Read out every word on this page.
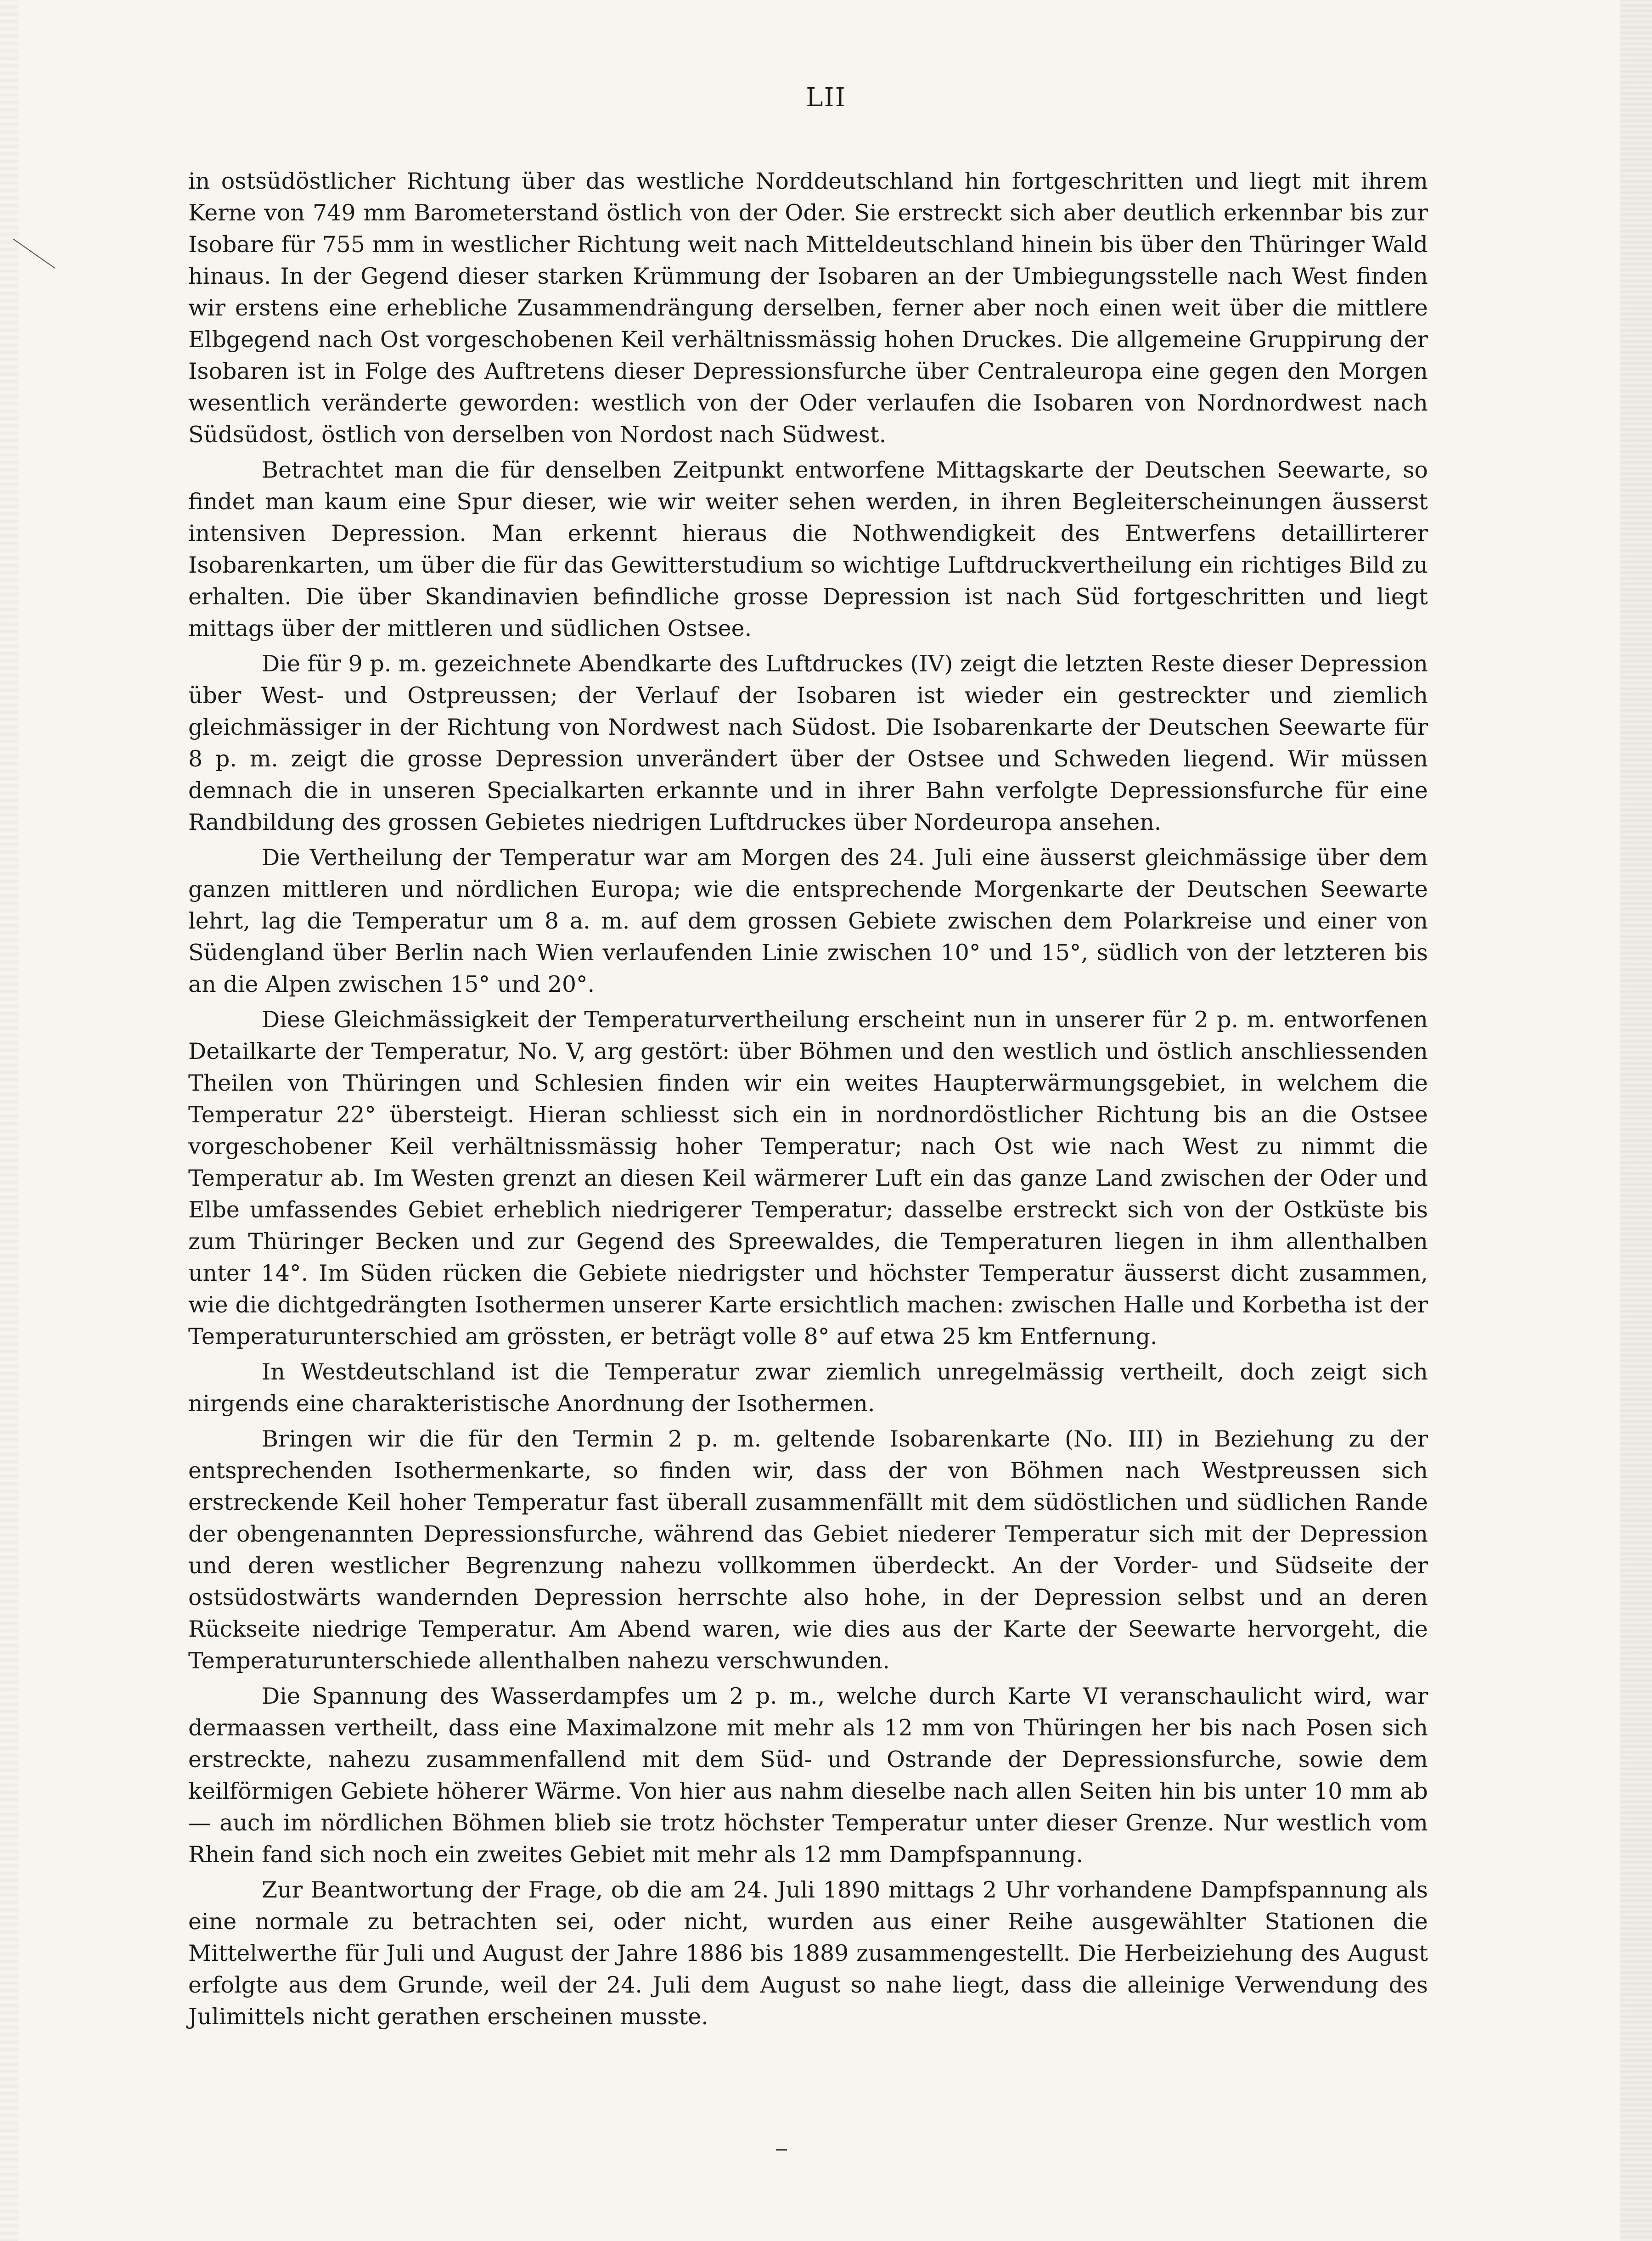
LII

in ostsüdöstlicher Richtung über das westliche Norddeutschland hin fortgeschritten und liegt mit ihrem Kerne von 749 mm Barometerstand östlich von der Oder. Sie erstreckt sich aber deutlich erkennbar bis zur Isobare für 755 mm in westlicher Richtung weit nach Mitteldeutschland hinein bis über den Thüringer Wald hinaus. In der Gegend dieser starken Krümmung der Isobaren an der Umbiegungsstelle nach West finden wir erstens eine erhebliche Zusammendrängung derselben, ferner aber noch einen weit über die mittlere Elbgegend nach Ost vorgeschobenen Keil verhältnissmässig hohen Druckes. Die allgemeine Gruppirung der Isobaren ist in Folge des Auftretens dieser Depressionsfurche über Centraleuropa eine gegen den Morgen wesentlich veränderte geworden: westlich von der Oder verlaufen die Isobaren von Nordnordwest nach Südsüdost, östlich von derselben von Nordost nach Südwest.

Betrachtet man die für denselben Zeitpunkt entworfene Mittagskarte der Deutschen Seewarte, so findet man kaum eine Spur dieser, wie wir weiter sehen werden, in ihren Begleiterscheinungen äusserst intensiven Depression. Man erkennt hieraus die Nothwendigkeit des Entwerfens detaillirterer Isobarenkarten, um über die für das Gewitterstudium so wichtige Luftdruckvertheilung ein richtiges Bild zu erhalten. Die über Skandinavien befindliche grosse Depression ist nach Süd fortgeschritten und liegt mittags über der mittleren und südlichen Ostsee.

Die für 9 p. m. gezeichnete Abendkarte des Luftdruckes (IV) zeigt die letzten Reste dieser Depression über West- und Ostpreussen; der Verlauf der Isobaren ist wieder ein gestreckter und ziemlich gleichmässiger in der Richtung von Nordwest nach Südost. Die Isobarenkarte der Deutschen Seewarte für 8 p. m. zeigt die grosse Depression unverändert über der Ostsee und Schweden liegend. Wir müssen demnach die in unseren Specialkarten erkannte und in ihrer Bahn verfolgte Depressionsfurche für eine Randbildung des grossen Gebietes niedrigen Luftdruckes über Nordeuropa ansehen.

Die Vertheilung der Temperatur war am Morgen des 24. Juli eine äusserst gleichmässige über dem ganzen mittleren und nördlichen Europa; wie die entsprechende Morgenkarte der Deutschen Seewarte lehrt, lag die Temperatur um 8 a. m. auf dem grossen Gebiete zwischen dem Polarkreise und einer von Südengland über Berlin nach Wien verlaufenden Linie zwischen 10° und 15°, südlich von der letzteren bis an die Alpen zwischen 15° und 20°.

Diese Gleichmässigkeit der Temperaturvertheilung erscheint nun in unserer für 2 p. m. entworfenen Detailkarte der Temperatur, No. V, arg gestört: über Böhmen und den westlich und östlich anschliessenden Theilen von Thüringen und Schlesien finden wir ein weites Haupterwärmungsgebiet, in welchem die Temperatur 22° übersteigt. Hieran schliesst sich ein in nordnordöstlicher Richtung bis an die Ostsee vorgeschobener Keil verhältnissmässig hoher Temperatur; nach Ost wie nach West zu nimmt die Temperatur ab. Im Westen grenzt an diesen Keil wärmerer Luft ein das ganze Land zwischen der Oder und Elbe umfassendes Gebiet erheblich niedrigerer Temperatur; dasselbe erstreckt sich von der Ostküste bis zum Thüringer Becken und zur Gegend des Spreewaldes, die Temperaturen liegen in ihm allenthalben unter 14°. Im Süden rücken die Gebiete niedrigster und höchster Temperatur äusserst dicht zusammen, wie die dichtgedrängten Isothermen unserer Karte ersichtlich machen: zwischen Halle und Korbetha ist der Temperaturunterschied am grössten, er beträgt volle 8° auf etwa 25 km Entfernung.

In Westdeutschland ist die Temperatur zwar ziemlich unregelmässig vertheilt, doch zeigt sich nirgends eine charakteristische Anordnung der Isothermen.

Bringen wir die für den Termin 2 p. m. geltende Isobarenkarte (No. III) in Beziehung zu der entsprechenden Isothermenkarte, so finden wir, dass der von Böhmen nach Westpreussen sich erstreckende Keil hoher Temperatur fast überall zusammenfällt mit dem südöstlichen und südlichen Rande der obengenannten Depressionsfurche, während das Gebiet niederer Temperatur sich mit der Depression und deren westlicher Begrenzung nahezu vollkommen überdeckt. An der Vorder- und Südseite der ostsüdostwärts wandernden Depression herrschte also hohe, in der Depression selbst und an deren Rückseite niedrige Temperatur. Am Abend waren, wie dies aus der Karte der Seewarte hervorgeht, die Temperaturunterschiede allenthalben nahezu verschwunden.

Die Spannung des Wasserdampfes um 2 p. m., welche durch Karte VI veranschaulicht wird, war dermaassen vertheilt, dass eine Maximalzone mit mehr als 12 mm von Thüringen her bis nach Posen sich erstreckte, nahezu zusammenfallend mit dem Süd- und Ostrande der Depressionsfurche, sowie dem keilförmigen Gebiete höherer Wärme. Von hier aus nahm dieselbe nach allen Seiten hin bis unter 10 mm ab — auch im nördlichen Böhmen blieb sie trotz höchster Temperatur unter dieser Grenze. Nur westlich vom Rhein fand sich noch ein zweites Gebiet mit mehr als 12 mm Dampfspannung.

Zur Beantwortung der Frage, ob die am 24. Juli 1890 mittags 2 Uhr vorhandene Dampfspannung als eine normale zu betrachten sei, oder nicht, wurden aus einer Reihe ausgewählter Stationen die Mittelwerthe für Juli und August der Jahre 1886 bis 1889 zusammengestellt. Die Herbeiziehung des August erfolgte aus dem Grunde, weil der 24. Juli dem August so nahe liegt, dass die alleinige Verwendung des Julimittels nicht gerathen erscheinen musste.
